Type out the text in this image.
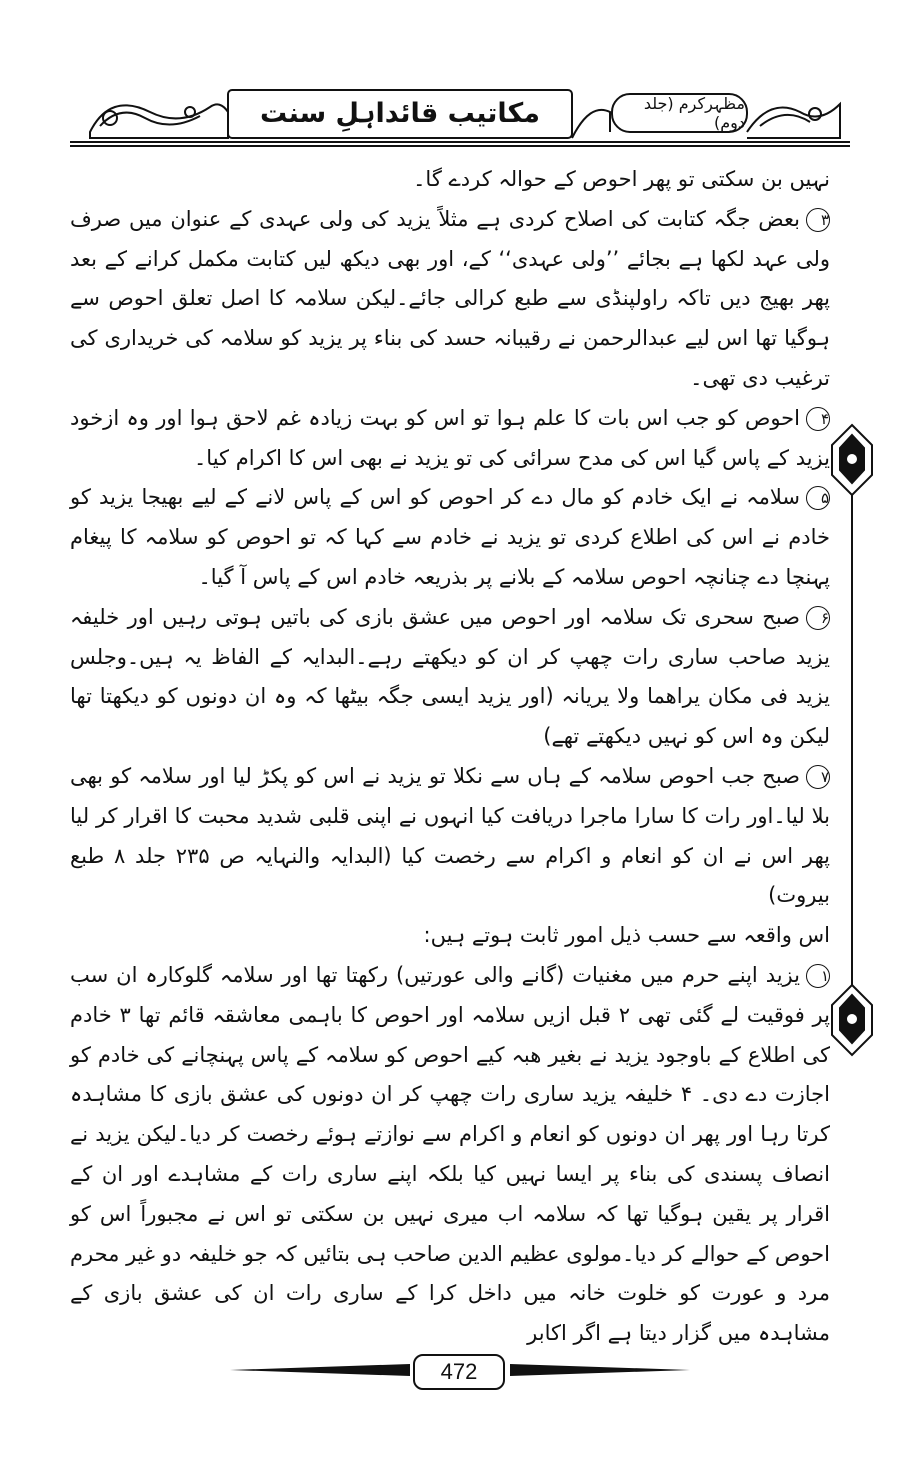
مکاتیب قائداہلِ سنت	مظہرکرم (جلد دوم)

نہیں بن سکتی تو پھر احوص کے حوالہ کردے گا۔

۳بعض جگہ کتابت کی اصلاح کردی ہے مثلاً یزید کی ولی عہدی کے عنوان میں صرف ولی عہد لکھا ہے بجائے ’’ولی عہدی‘‘ کے، اور بھی دیکھ لیں کتابت مکمل کرانے کے بعد پھر بھیج دیں تاکہ راولپنڈی سے طبع کرالی جائے۔لیکن سلامہ کا اصل تعلق احوص سے ہوگیا تھا اس لیے عبدالرحمن نے رقیبانہ حسد کی بناء پر یزید کو سلامہ کی خریداری کی ترغیب دی تھی۔

۴احوص کو جب اس بات کا علم ہوا تو اس کو بہت زیادہ غم لاحق ہوا اور وہ ازخود یزید کے پاس گیا اس کی مدح سرائی کی تو یزید نے بھی اس کا اکرام کیا۔

۵سلامہ نے ایک خادم کو مال دے کر احوص کو اس کے پاس لانے کے لیے بھیجا یزید کو خادم نے اس کی اطلاع کردی تو یزید نے خادم سے کہا کہ تو احوص کو سلامہ کا پیغام پہنچا دے چنانچہ احوص سلامہ کے بلانے پر بذریعہ خادم اس کے پاس آ گیا۔

۶صبح سحری تک سلامہ اور احوص میں عشق بازی کی باتیں ہوتی رہیں اور خلیفہ یزید صاحب ساری رات چھپ کر ان کو دیکھتے رہے۔البدایہ کے الفاظ یہ ہیں۔وجلس یزید فی مکان یراھما ولا یریانہ (اور یزید ایسی جگہ بیٹھا کہ وہ ان دونوں کو دیکھتا تھا لیکن وہ اس کو نہیں دیکھتے تھے)

۷صبح جب احوص سلامہ کے ہاں سے نکلا تو یزید نے اس کو پکڑ لیا اور سلامہ کو بھی بلا لیا۔اور رات کا سارا ماجرا دریافت کیا انہوں نے اپنی قلبی شدید محبت کا اقرار کر لیا پھر اس نے ان کو انعام و اکرام سے رخصت کیا (البدایہ والنہایہ ص ۲۳۵ جلد ۸ طبع بیروت)

اس واقعہ سے حسب ذیل امور ثابت ہوتے ہیں:

۱یزید اپنے حرم میں مغنیات (گانے والی عورتیں) رکھتا تھا اور سلامہ گلوکارہ ان سب پر فوقیت لے گئی تھی ۲ قبل ازیں سلامہ اور احوص کا باہمی معاشقہ قائم تھا ۳ خادم کی اطلاع کے باوجود یزید نے بغیر ھبہ کیے احوص کو سلامہ کے پاس پہنچانے کی خادم کو اجازت دے دی۔ ۴ خلیفہ یزید ساری رات چھپ کر ان دونوں کی عشق بازی کا مشاہدہ کرتا رہا اور پھر ان دونوں کو انعام و اکرام سے نوازتے ہوئے رخصت کر دیا۔لیکن یزید نے انصاف پسندی کی بناء پر ایسا نہیں کیا بلکہ اپنے ساری رات کے مشاہدے اور ان کے اقرار پر یقین ہوگیا تھا کہ سلامہ اب میری نہیں بن سکتی تو اس نے مجبوراً اس کو احوص کے حوالے کر دیا۔مولوی عظیم الدین صاحب ہی بتائیں کہ جو خلیفہ دو غیر محرم مرد و عورت کو خلوت خانہ میں داخل کرا کے ساری رات ان کی عشق بازی کے مشاہدہ میں گزار دیتا ہے اگر اکابر

472
